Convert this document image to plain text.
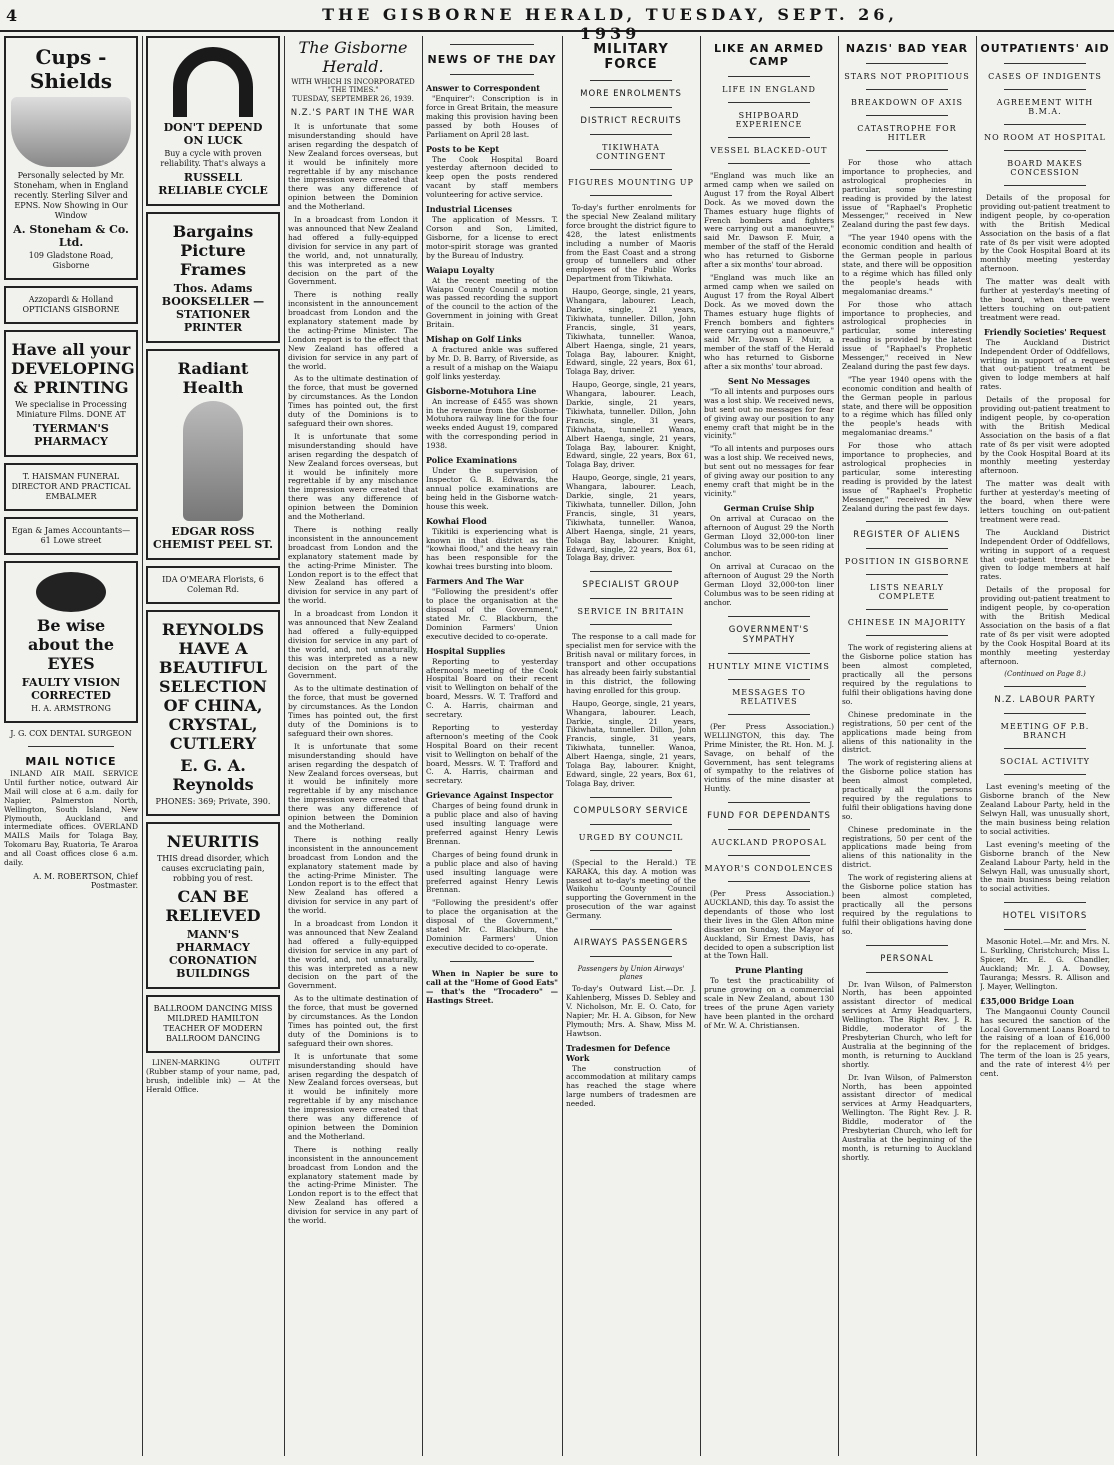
4	THE GISBORNE HERALD, TUESDAY, SEPT. 26, 1939
Cups - Shields
Personally selected by Mr. Stoneham, when in England recently. Sterling Silver and EPNS. Now Showing in Our Window
A. Stoneham & Co. Ltd.
109 Gladstone Road, Gisborne
Azzopardi & Holland OPTICIANS GISBORNE
Have all your DEVELOPING & PRINTING
We specialise in Processing Miniature Films. DONE AT
TYERMAN'S PHARMACY
T. HAISMAN FUNERAL DIRECTOR AND PRACTICAL EMBALMER
Egan & James Accountants—61 Lowe street
Be wise about the EYES
FAULTY VISION CORRECTED
H. A. ARMSTRONG
J. G. COX DENTAL SURGEON
MAIL NOTICE

INLAND AIR MAIL SERVICE Until further notice, outward Air Mail will close at 6 a.m. daily for Napier, Palmerston North, Wellington, South Island, New Plymouth, Auckland and intermediate offices. OVERLAND MAILS Mails for Tolaga Bay, Tokomaru Bay, Ruatoria, Te Araroa and all Coast offices close 6 a.m. daily.

A. M. ROBERTSON, Chief Postmaster.
DON'T DEPEND ON LUCK
Buy a cycle with proven reliability. That's always a
RUSSELL RELIABLE CYCLE
Bargains Picture Frames
Thos. Adams BOOKSELLER — STATIONER PRINTER
Radiant Health
EDGAR ROSS CHEMIST PEEL ST.
IDA O'MEARA Florists, 6 Coleman Rd.
REYNOLDS HAVE A BEAUTIFUL SELECTION OF CHINA, CRYSTAL, CUTLERY
E. G. A. Reynolds
PHONES: 369; Private, 390.
NEURITIS
THIS dread disorder, which causes excruciating pain, robbing you of rest.
CAN BE RELIEVED
MANN'S PHARMACY CORONATION BUILDINGS
BALLROOM DANCING MISS MILDRED HAMILTON TEACHER OF MODERN BALLROOM DANCING

LINEN-MARKING OUTFIT (Rubber stamp of your name, pad, brush, indelible ink) — At the Herald Office.

The Gisborne Herald.
WITH WHICH IS INCORPORATED "THE TIMES."
TUESDAY, SEPTEMBER 26, 1939.
N.Z.'S PART IN THE WAR

It is unfortunate that some misunderstanding should have arisen regarding the despatch of New Zealand forces overseas, but it would be infinitely more regrettable if by any mischance the impression were created that there was any difference of opinion between the Dominion and the Motherland.

In a broadcast from London it was announced that New Zealand had offered a fully-equipped division for service in any part of the world, and, not unnaturally, this was interpreted as a new decision on the part of the Government.

There is nothing really inconsistent in the announcement broadcast from London and the explanatory statement made by the acting-Prime Minister. The London report is to the effect that New Zealand has offered a division for service in any part of the world.

As to the ultimate destination of the force, that must be governed by circumstances. As the London Times has pointed out, the first duty of the Dominions is to safeguard their own shores.

It is unfortunate that some misunderstanding should have arisen regarding the despatch of New Zealand forces overseas, but it would be infinitely more regrettable if by any mischance the impression were created that there was any difference of opinion between the Dominion and the Motherland.

There is nothing really inconsistent in the announcement broadcast from London and the explanatory statement made by the acting-Prime Minister. The London report is to the effect that New Zealand has offered a division for service in any part of the world.

In a broadcast from London it was announced that New Zealand had offered a fully-equipped division for service in any part of the world, and, not unnaturally, this was interpreted as a new decision on the part of the Government.

As to the ultimate destination of the force, that must be governed by circumstances. As the London Times has pointed out, the first duty of the Dominions is to safeguard their own shores.

It is unfortunate that some misunderstanding should have arisen regarding the despatch of New Zealand forces overseas, but it would be infinitely more regrettable if by any mischance the impression were created that there was any difference of opinion between the Dominion and the Motherland.

There is nothing really inconsistent in the announcement broadcast from London and the explanatory statement made by the acting-Prime Minister. The London report is to the effect that New Zealand has offered a division for service in any part of the world.

In a broadcast from London it was announced that New Zealand had offered a fully-equipped division for service in any part of the world, and, not unnaturally, this was interpreted as a new decision on the part of the Government.

As to the ultimate destination of the force, that must be governed by circumstances. As the London Times has pointed out, the first duty of the Dominions is to safeguard their own shores.

It is unfortunate that some misunderstanding should have arisen regarding the despatch of New Zealand forces overseas, but it would be infinitely more regrettable if by any mischance the impression were created that there was any difference of opinion between the Dominion and the Motherland.

There is nothing really inconsistent in the announcement broadcast from London and the explanatory statement made by the acting-Prime Minister. The London report is to the effect that New Zealand has offered a division for service in any part of the world.

NEWS OF THE DAY
Answer to Correspondent

"Enquirer": Conscription is in force in Great Britain, the measure making this provision having been passed by both Houses of Parliament on April 28 last.

Posts to be Kept

The Cook Hospital Board yesterday afternoon decided to keep open the posts rendered vacant by staff members volunteering for active service.

Industrial Licenses

The application of Messrs. T. Corson and Son, Limited, Gisborne, for a license to erect motor-spirit storage was granted by the Bureau of Industry.

Waiapu Loyalty

At the recent meeting of the Waiapu County Council a motion was passed recording the support of the council to the action of the Government in joining with Great Britain.

Mishap on Golf Links

A fractured ankle was suffered by Mr. D. B. Barry, of Riverside, as a result of a mishap on the Waiapu golf links yesterday.

Gisborne-Motuhora Line

An increase of £455 was shown in the revenue from the Gisborne-Motuhora railway line for the four weeks ended August 19, compared with the corresponding period in 1938.

Police Examinations

Under the supervision of Inspector G. B. Edwards, the annual police examinations are being held in the Gisborne watch-house this week.

Kowhai Flood

Tikitiki is experiencing what is known in that district as the "kowhai flood," and the heavy rain has been responsible for the kowhai trees bursting into bloom.

Farmers And The War

"Following the president's offer to place the organisation at the disposal of the Government," stated Mr. C. Blackburn, the Dominion Farmers' Union executive decided to co-operate.

Hospital Supplies

Reporting to yesterday afternoon's meeting of the Cook Hospital Board on their recent visit to Wellington on behalf of the board, Messrs. W. T. Trafford and C. A. Harris, chairman and secretary.

Reporting to yesterday afternoon's meeting of the Cook Hospital Board on their recent visit to Wellington on behalf of the board, Messrs. W. T. Trafford and C. A. Harris, chairman and secretary.

Grievance Against Inspector

Charges of being found drunk in a public place and also of having used insulting language were preferred against Henry Lewis Brennan.

Charges of being found drunk in a public place and also of having used insulting language were preferred against Henry Lewis Brennan.

"Following the president's offer to place the organisation at the disposal of the Government," stated Mr. C. Blackburn, the Dominion Farmers' Union executive decided to co-operate.

When in Napier be sure to call at the "Home of Good Eats" — that's the "Trocadero" — Hastings Street.

MILITARY FORCE
MORE ENROLMENTS
DISTRICT RECRUITS
TIKIWHATA CONTINGENT
FIGURES MOUNTING UP

To-day's further enrolments for the special New Zealand military force brought the district figure to 428, the latest enlistments including a number of Maoris from the East Coast and a strong group of tunnellers and other employees of the Public Works Department from Tikiwhata.

Haupo, George, single, 21 years, Whangara, labourer. Leach, Darkie, single, 21 years, Tikiwhata, tunneller. Dillon, John Francis, single, 31 years, Tikiwhata, tunneller. Wanoa, Albert Haenga, single, 21 years, Tolaga Bay, labourer. Knight, Edward, single, 22 years, Box 61, Tolaga Bay, driver.

Haupo, George, single, 21 years, Whangara, labourer. Leach, Darkie, single, 21 years, Tikiwhata, tunneller. Dillon, John Francis, single, 31 years, Tikiwhata, tunneller. Wanoa, Albert Haenga, single, 21 years, Tolaga Bay, labourer. Knight, Edward, single, 22 years, Box 61, Tolaga Bay, driver.

Haupo, George, single, 21 years, Whangara, labourer. Leach, Darkie, single, 21 years, Tikiwhata, tunneller. Dillon, John Francis, single, 31 years, Tikiwhata, tunneller. Wanoa, Albert Haenga, single, 21 years, Tolaga Bay, labourer. Knight, Edward, single, 22 years, Box 61, Tolaga Bay, driver.

SPECIALIST GROUP
SERVICE IN BRITAIN

The response to a call made for specialist men for service with the British naval or military forces, in transport and other occupations has already been fairly substantial in this district, the following having enrolled for this group.

Haupo, George, single, 21 years, Whangara, labourer. Leach, Darkie, single, 21 years, Tikiwhata, tunneller. Dillon, John Francis, single, 31 years, Tikiwhata, tunneller. Wanoa, Albert Haenga, single, 21 years, Tolaga Bay, labourer. Knight, Edward, single, 22 years, Box 61, Tolaga Bay, driver.

COMPULSORY SERVICE
URGED BY COUNCIL

(Special to the Herald.) TE KARAKA, this day. A motion was passed at to-day's meeting of the Waikohu County Council supporting the Government in the prosecution of the war against Germany.

AIRWAYS PASSENGERS
Passengers by Union Airways' planes

To-day's Outward List.—Dr. J. Kahlenberg, Misses D. Sebley and V. Nicholson, Mr. E. O. Cato, for Napier; Mr. H. A. Gibson, for New Plymouth; Mrs. A. Shaw, Miss M. Hawtson.

Tradesmen for Defence Work

The construction of accommodation at military camps has reached the stage where large numbers of tradesmen are needed.

LIKE AN ARMED CAMP
LIFE IN ENGLAND
SHIPBOARD EXPERIENCE
VESSEL BLACKED-OUT

"England was much like an armed camp when we sailed on August 17 from the Royal Albert Dock. As we moved down the Thames estuary huge flights of French bombers and fighters were carrying out a manoeuvre," said Mr. Dawson F. Muir, a member of the staff of the Herald who has returned to Gisborne after a six months' tour abroad.

"England was much like an armed camp when we sailed on August 17 from the Royal Albert Dock. As we moved down the Thames estuary huge flights of French bombers and fighters were carrying out a manoeuvre," said Mr. Dawson F. Muir, a member of the staff of the Herald who has returned to Gisborne after a six months' tour abroad.

Sent No Messages

"To all intents and purposes ours was a lost ship. We received news, but sent out no messages for fear of giving away our position to any enemy craft that might be in the vicinity."

"To all intents and purposes ours was a lost ship. We received news, but sent out no messages for fear of giving away our position to any enemy craft that might be in the vicinity."

German Cruise Ship

On arrival at Curacao on the afternoon of August 29 the North German Lloyd 32,000-ton liner Columbus was to be seen riding at anchor.

On arrival at Curacao on the afternoon of August 29 the North German Lloyd 32,000-ton liner Columbus was to be seen riding at anchor.

GOVERNMENT'S SYMPATHY
HUNTLY MINE VICTIMS
MESSAGES TO RELATIVES

(Per Press Association.) WELLINGTON, this day. The Prime Minister, the Rt. Hon. M. J. Savage, on behalf of the Government, has sent telegrams of sympathy to the relatives of victims of the mine disaster at Huntly.

FUND FOR DEPENDANTS
AUCKLAND PROPOSAL
MAYOR'S CONDOLENCES

(Per Press Association.) AUCKLAND, this day. To assist the dependants of those who lost their lives in the Glen Afton mine disaster on Sunday, the Mayor of Auckland, Sir Ernest Davis, has decided to open a subscription list at the Town Hall.

Prune Planting

To test the practicability of prune growing on a commercial scale in New Zealand, about 130 trees of the prune Agen variety have been planted in the orchard of Mr. W. A. Christiansen.

NAZIS' BAD YEAR
STARS NOT PROPITIOUS
BREAKDOWN OF AXIS
CATASTROPHE FOR HITLER

For those who attach importance to prophecies, and astrological prophecies in particular, some interesting reading is provided by the latest issue of "Raphael's Prophetic Messenger," received in New Zealand during the past few days.

"The year 1940 opens with the economic condition and health of the German people in parlous state, and there will be opposition to a régime which has filled only the people's heads with megalomaniac dreams."

For those who attach importance to prophecies, and astrological prophecies in particular, some interesting reading is provided by the latest issue of "Raphael's Prophetic Messenger," received in New Zealand during the past few days.

"The year 1940 opens with the economic condition and health of the German people in parlous state, and there will be opposition to a régime which has filled only the people's heads with megalomaniac dreams."

For those who attach importance to prophecies, and astrological prophecies in particular, some interesting reading is provided by the latest issue of "Raphael's Prophetic Messenger," received in New Zealand during the past few days.

REGISTER OF ALIENS
POSITION IN GISBORNE
LISTS NEARLY COMPLETE
CHINESE IN MAJORITY

The work of registering aliens at the Gisborne police station has been almost completed, practically all the persons required by the regulations to fulfil their obligations having done so.

Chinese predominate in the registrations, 50 per cent of the applications made being from aliens of this nationality in the district.

The work of registering aliens at the Gisborne police station has been almost completed, practically all the persons required by the regulations to fulfil their obligations having done so.

Chinese predominate in the registrations, 50 per cent of the applications made being from aliens of this nationality in the district.

The work of registering aliens at the Gisborne police station has been almost completed, practically all the persons required by the regulations to fulfil their obligations having done so.

PERSONAL

Dr. Ivan Wilson, of Palmerston North, has been appointed assistant director of medical services at Army Headquarters, Wellington. The Right Rev. J. R. Biddle, moderator of the Presbyterian Church, who left for Australia at the beginning of the month, is returning to Auckland shortly.

Dr. Ivan Wilson, of Palmerston North, has been appointed assistant director of medical services at Army Headquarters, Wellington. The Right Rev. J. R. Biddle, moderator of the Presbyterian Church, who left for Australia at the beginning of the month, is returning to Auckland shortly.

OUTPATIENTS' AID
CASES OF INDIGENTS
AGREEMENT WITH B.M.A.
NO ROOM AT HOSPITAL
BOARD MAKES CONCESSION

Details of the proposal for providing out-patient treatment to indigent people, by co-operation with the British Medical Association on the basis of a flat rate of 8s per visit were adopted by the Cook Hospital Board at its monthly meeting yesterday afternoon.

The matter was dealt with further at yesterday's meeting of the board, when there were letters touching on out-patient treatment were read.

Friendly Societies' Request

The Auckland District Independent Order of Oddfellows, writing in support of a request that out-patient treatment be given to lodge members at half rates.

Details of the proposal for providing out-patient treatment to indigent people, by co-operation with the British Medical Association on the basis of a flat rate of 8s per visit were adopted by the Cook Hospital Board at its monthly meeting yesterday afternoon.

The matter was dealt with further at yesterday's meeting of the board, when there were letters touching on out-patient treatment were read.

The Auckland District Independent Order of Oddfellows, writing in support of a request that out-patient treatment be given to lodge members at half rates.

Details of the proposal for providing out-patient treatment to indigent people, by co-operation with the British Medical Association on the basis of a flat rate of 8s per visit were adopted by the Cook Hospital Board at its monthly meeting yesterday afternoon.

(Continued on Page 8.)
N.Z. LABOUR PARTY
MEETING OF P.B. BRANCH
SOCIAL ACTIVITY

Last evening's meeting of the Gisborne branch of the New Zealand Labour Party, held in the Selwyn Hall, was unusually short, the main business being relation to social activities.

Last evening's meeting of the Gisborne branch of the New Zealand Labour Party, held in the Selwyn Hall, was unusually short, the main business being relation to social activities.

HOTEL VISITORS

Masonic Hotel.—Mr. and Mrs. N. L. Surkling, Christchurch; Miss L. Spicer, Mr. E. G. Chandler, Auckland; Mr. J. A. Dowsey, Tauranga; Messrs. R. Allison and J. Mayer, Wellington.

£35,000 Bridge Loan

The Mangaonui County Council has secured the sanction of the Local Government Loans Board to the raising of a loan of £16,000 for the replacement of bridges. The term of the loan is 25 years, and the rate of interest 4½ per cent.
